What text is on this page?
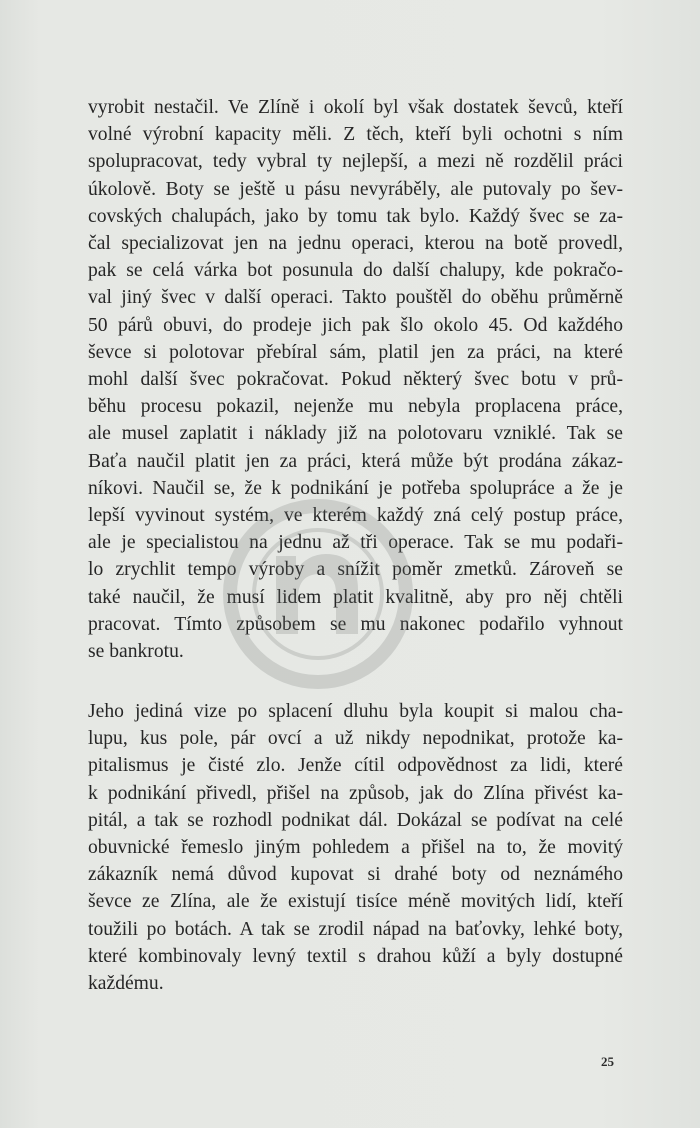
vyrobit nestačil. Ve Zlíně i okolí byl však dostatek ševců, kteří
volné výrobní kapacity měli. Z těch, kteří byli ochotni s ním
spolupracovat, tedy vybral ty nejlepší, a mezi ně rozdělil práci
úkolově. Boty se ještě u pásu nevyráběly, ale putovaly po šev-
covských chalupách, jako by tomu tak bylo. Každý švec se za-
čal specializovat jen na jednu operaci, kterou na botě provedl,
pak se celá várka bot posunula do další chalupy, kde pokračo-
val jiný švec v další operaci. Takto pouštěl do oběhu průměrně
50 párů obuvi, do prodeje jich pak šlo okolo 45. Od každého
ševce si polotovar přebíral sám, platil jen za práci, na které
mohl další švec pokračovat. Pokud některý švec botu v prů-
běhu procesu pokazil, nejenže mu nebyla proplacena práce,
ale musel zaplatit i náklady již na polotovaru vzniklé. Tak se
Baťa naučil platit jen za práci, která může být prodána zákaz-
níkovi. Naučil se, že k podnikání je potřeba spolupráce a že je
lepší vyvinout systém, ve kterém každý zná celý postup práce,
ale je specialistou na jednu až tři operace. Tak se mu podaři-
lo zrychlit tempo výroby a snížit poměr zmetků. Zároveň se
také naučil, že musí lidem platit kvalitně, aby pro něj chtěli
pracovat. Tímto způsobem se mu nakonec podařilo vyhnout
se bankrotu.
Jeho jediná vize po splacení dluhu byla koupit si malou cha-
lupu, kus pole, pár ovcí a už nikdy nepodnikat, protože ka-
pitalismus je čisté zlo. Jenže cítil odpovědnost za lidi, které
k podnikání přivedl, přišel na způsob, jak do Zlína přivést ka-
pitál, a tak se rozhodl podnikat dál. Dokázal se podívat na celé
obuvnické řemeslo jiným pohledem a přišel na to, že movitý
zákazník nemá důvod kupovat si drahé boty od neznámého
ševce ze Zlína, ale že existují tisíce méně movitých lidí, kteří
toužili po botách. A tak se zrodil nápad na baťovky, lehké boty,
které kombinovaly levný textil s drahou kůží a byly dostupné
každému.
25
